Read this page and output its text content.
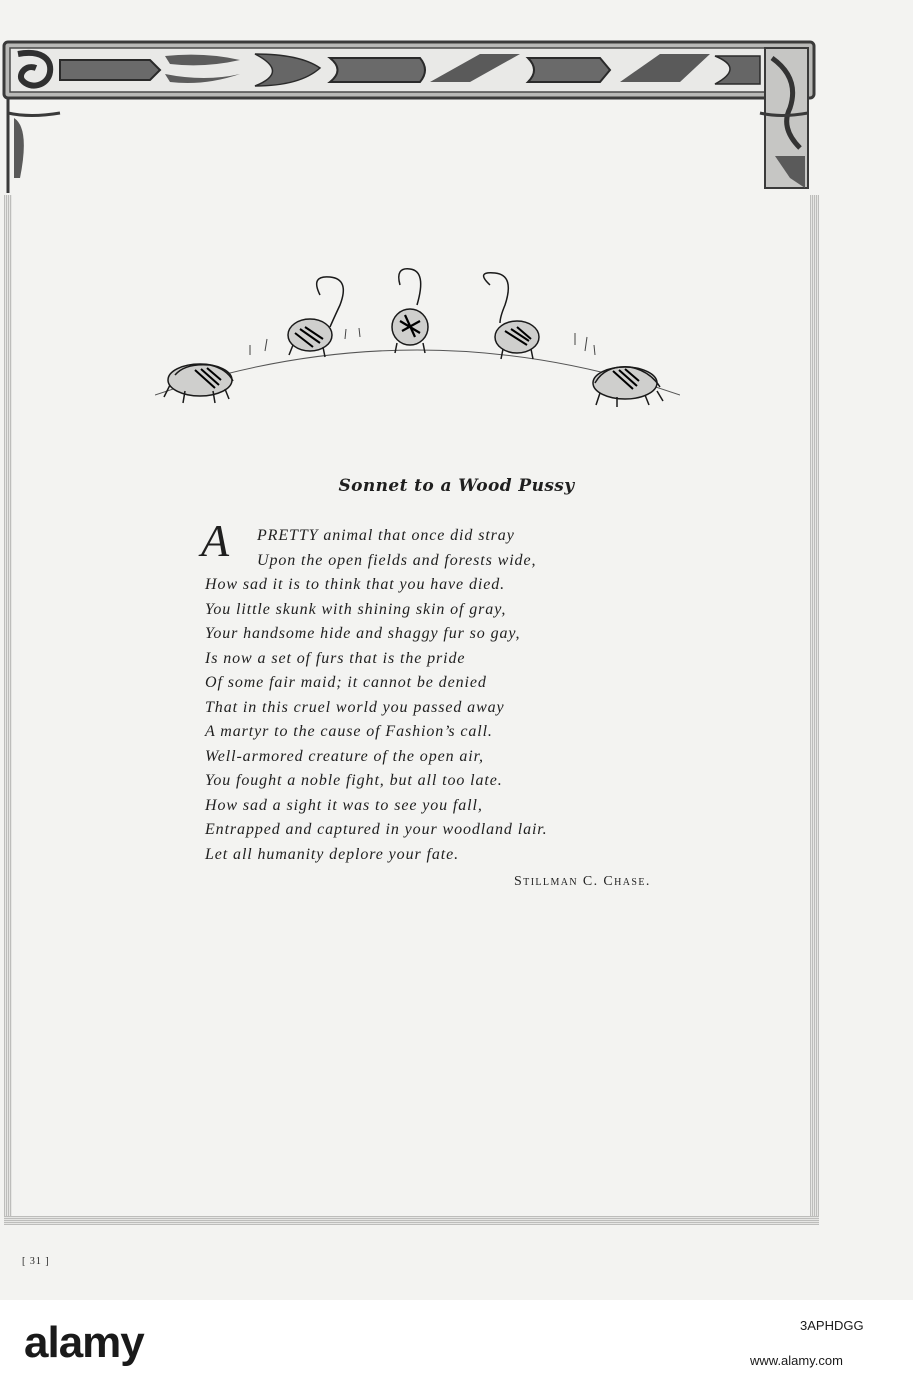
Sonnet to a Wood Pussy
A PRETTY animal that once did stray
Upon the open fields and forests wide,
How sad it is to think that you have died.
You little skunk with shining skin of gray,
Your handsome hide and shaggy fur so gay,
Is now a set of furs that is the pride
Of some fair maid; it cannot be denied
That in this cruel world you passed away
A martyr to the cause of Fashion’s call.
Well-armored creature of the open air,
You fought a noble fight, but all too late.
How sad a sight it was to see you fall,
Entrapped and captured in your woodland lair.
Let all humanity deplore your fate.
Stillman C. Chase.
[ 31 ]
alamy	3APHDGG
www.alamy.com
